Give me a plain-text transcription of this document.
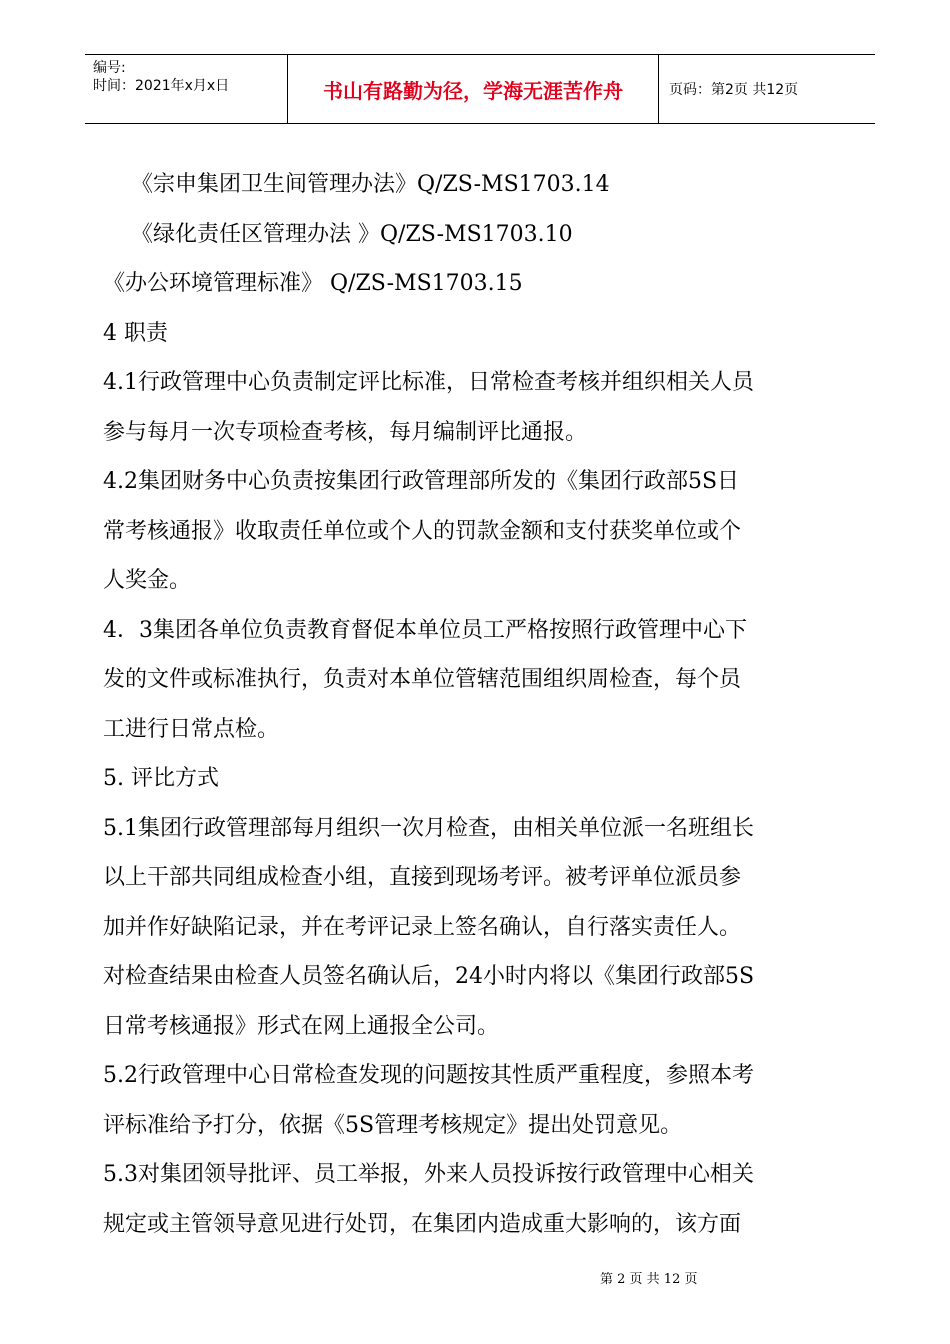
编号:
时间：2021年x月x日	书山有路勤为径，学海无涯苦作舟	页码：第2页 共12页

《宗申集团卫生间管理办法》Q/ZS-MS1703.14

《绿化责任区管理办法 》Q/ZS-MS1703.10

《办公环境管理标准》 Q/ZS-MS1703.15

4 职责

4.1行政管理中心负责制定评比标准，日常检查考核并组织相关人员

参与每月一次专项检查考核，每月编制评比通报。

4.2集团财务中心负责按集团行政管理部所发的《集团行政部5S日

常考核通报》收取责任单位或个人的罚款金额和支付获奖单位或个

人奖金。

4．3集团各单位负责教育督促本单位员工严格按照行政管理中心下

发的文件或标准执行，负责对本单位管辖范围组织周检查，每个员

工进行日常点检。

5. 评比方式

5.1集团行政管理部每月组织一次月检查，由相关单位派一名班组长

以上干部共同组成检查小组，直接到现场考评。被考评单位派员参

加并作好缺陷记录，并在考评记录上签名确认，自行落实责任人。

对检查结果由检查人员签名确认后，24小时内将以《集团行政部5S

日常考核通报》形式在网上通报全公司。

5.2行政管理中心日常检查发现的问题按其性质严重程度，参照本考

评标准给予打分，依据《5S管理考核规定》提出处罚意见。

5.3对集团领导批评、员工举报，外来人员投诉按行政管理中心相关

规定或主管领导意见进行处罚，在集团内造成重大影响的，该方面

第 2 页 共 12 页
